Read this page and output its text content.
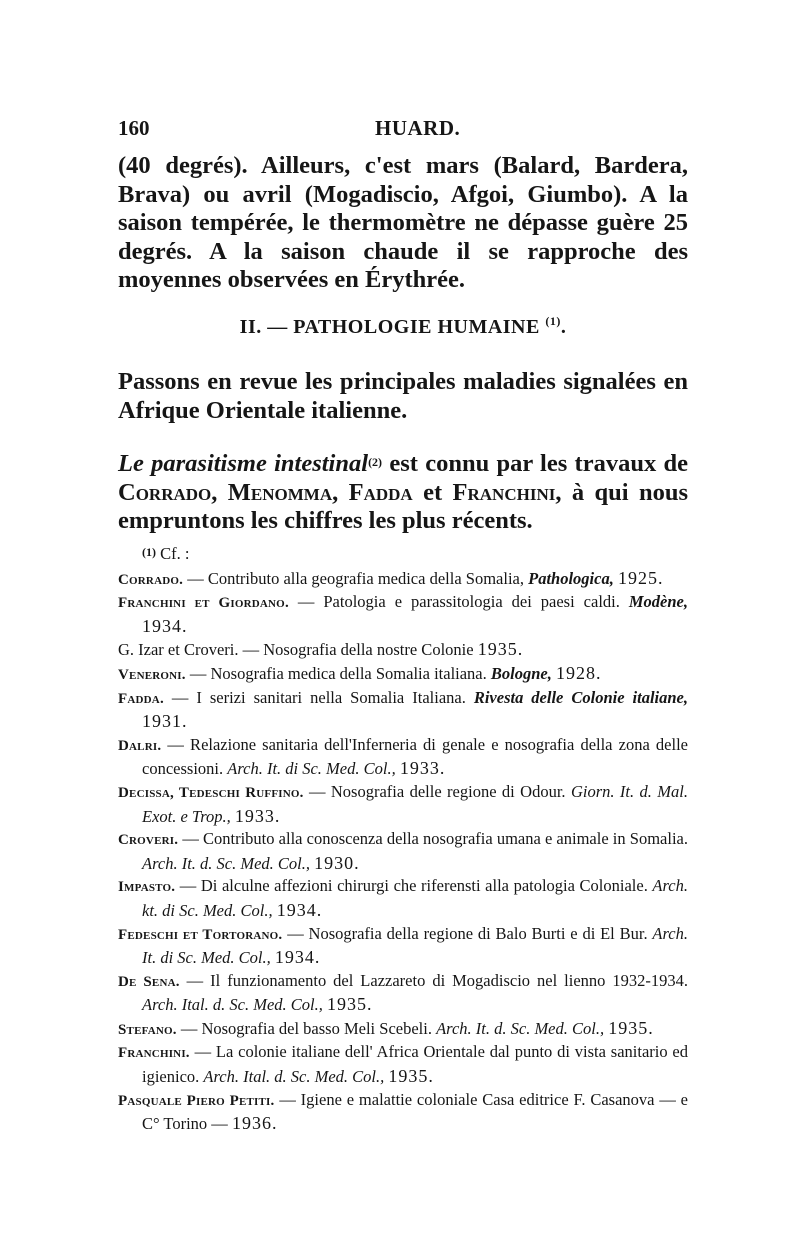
160	HUARD.
(40 degrés). Ailleurs, c'est mars (Balard, Bardera, Brava) ou avril (Mogadiscio, Afgoi, Giumbo). A la saison tempérée, le thermomètre ne dépasse guère 25 degrés. A la saison chaude il se rapproche des moyennes observées en Érythrée.
II. — PATHOLOGIE HUMAINE $^{(1)}$.
Passons en revue les principales maladies signalées en Afrique Orientale italienne.
Le parasitisme intestinal$^{(2)}$ est connu par les travaux de Corrado, Menomma, Fadda et Franchini, à qui nous empruntons les chiffres les plus récents.
$^{(1)}$ Cf. :

Corrado. — Contributo alla geografia medica della Somalia, Pathologica, 1925.

Franchini et Giordano. — Patologia e parassitologia dei paesi caldi. Modène, 1934.

G. Izar et Croveri. — Nosografia della nostre Colonie 1935.

Veneroni. — Nosografia medica della Somalia italiana. Bologne, 1928.

Fadda. — I serizi sanitari nella Somalia Italiana. Rivesta delle Colonie italiane, 1931.

Dalri. — Relazione sanitaria dell'Inferneria di genale e nosografia della zona delle concessioni. Arch. It. di Sc. Med. Col., 1933.

Decissa, Tedeschi Ruffino. — Nosografia delle regione di Odour. Giorn. It. d. Mal. Exot. e Trop., 1933.

Croveri. — Contributo alla conoscenza della nosografia umana e animale in Somalia. Arch. It. d. Sc. Med. Col., 1930.

Impasto. — Di alculne affezioni chirurgi che riferensti alla patologia Coloniale. Arch. kt. di Sc. Med. Col., 1934.

Fedeschi et Tortorano. — Nosografia della regione di Balo Burti e di El Bur. Arch. It. di Sc. Med. Col., 1934.

De Sena. — Il funzionamento del Lazzareto di Mogadiscio nel lienno 1932-1934. Arch. Ital. d. Sc. Med. Col., 1935.

Stefano. — Nosografia del basso Meli Scebeli. Arch. It. d. Sc. Med. Col., 1935.

Franchini. — La colonie italiane dell' Africa Orientale dal punto di vista sanitario ed igienico. Arch. Ital. d. Sc. Med. Col., 1935.

Pasquale Piero Petiti. — Igiene e malattie coloniale Casa editrice F. Casanova — e C° Torino — 1936.
